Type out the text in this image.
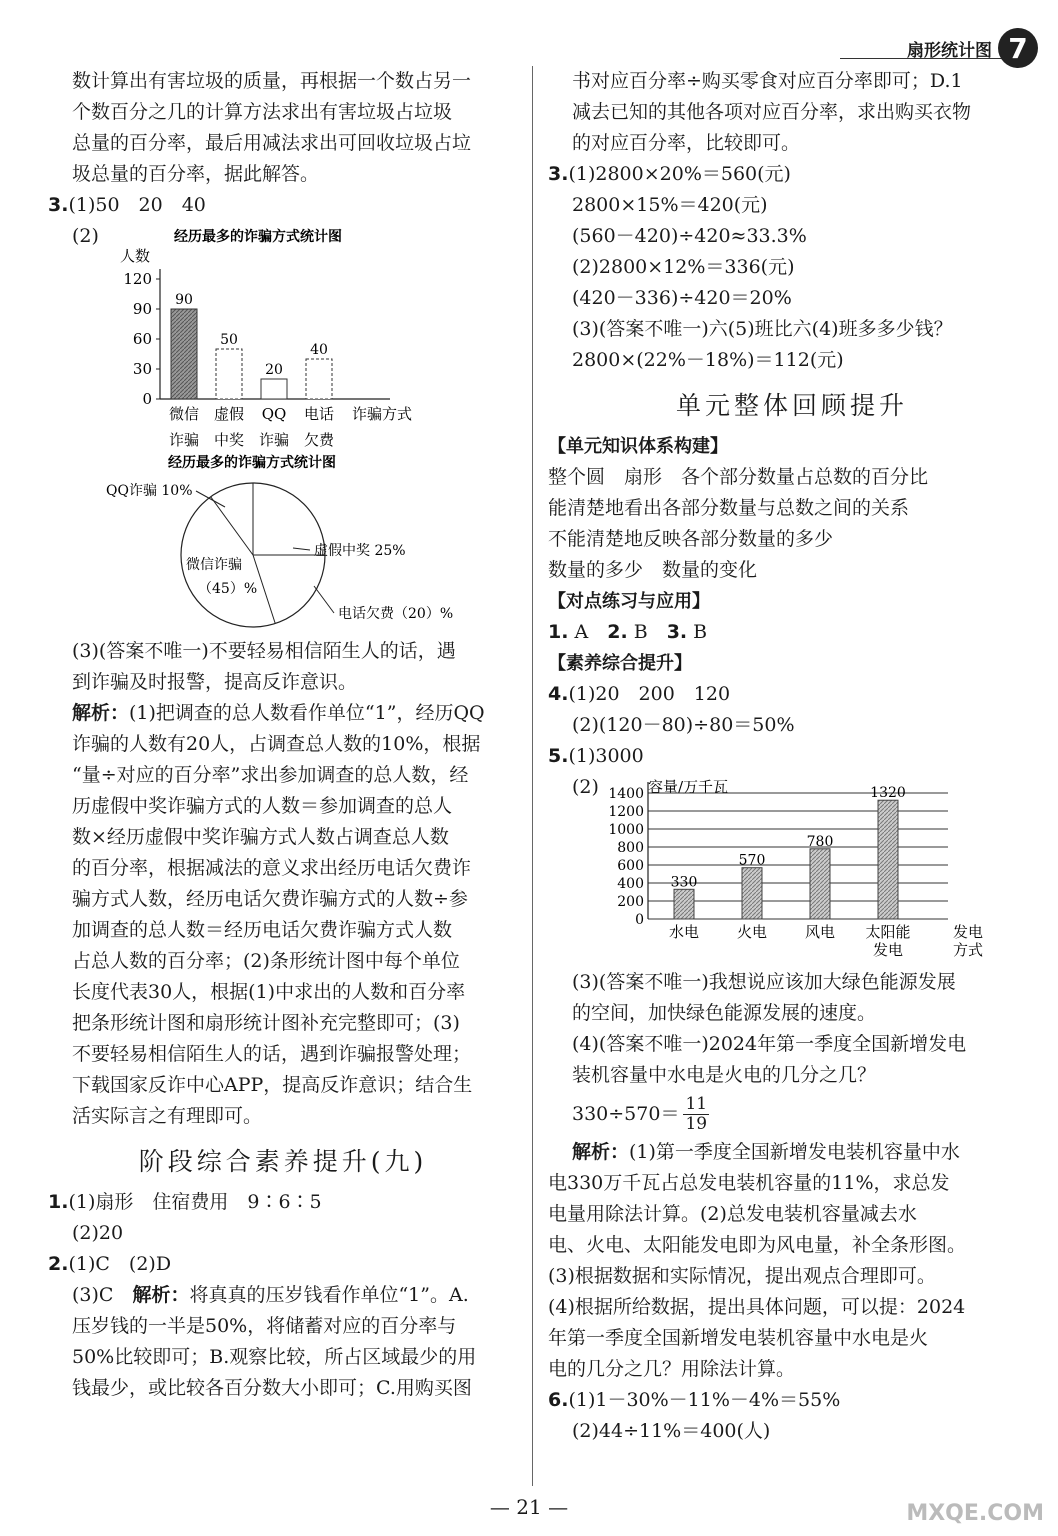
扇形统计图 7

数计算出有害垃圾的质量，再根据一个数占另一

个数百分之几的计算方法求出有害垃圾占垃圾

总量的百分率，最后用减法求出可回收垃圾占垃

圾总量的百分率，据此解答。

3.(1)50　20　40

(2)	经历最多的诈骗方式统计图
人数
0
30
60
90
120
90
微信
诈骗
50
虚假
中奖
20
QQ
诈骗
40
电话
欠费
诈骗方式
经历最多的诈骗方式统计图
QQ诈骗 10%
虚假中奖 25%
微信诈骗
（45）%
电话欠费（20）%

(3)(答案不唯一)不要轻易相信陌生人的话，遇

到诈骗及时报警，提高反诈意识。

解析：(1)把调查的总人数看作单位“1”，经历QQ

诈骗的人数有20人，占调查总人数的10%，根据

“量÷对应的百分率”求出参加调查的总人数，经

历虚假中奖诈骗方式的人数＝参加调查的总人

数×经历虚假中奖诈骗方式人数占调查总人数

的百分率，根据减法的意义求出经历电话欠费诈

骗方式人数，经历电话欠费诈骗方式的人数÷参

加调查的总人数＝经历电话欠费诈骗方式人数

占总人数的百分率；(2)条形统计图中每个单位

长度代表30人，根据(1)中求出的人数和百分率

把条形统计图和扇形统计图补充完整即可；(3)

不要轻易相信陌生人的话，遇到诈骗报警处理；

下载国家反诈中心APP，提高反诈意识；结合生

活实际言之有理即可。

阶段综合素养提升(九)

1.(1)扇形　住宿费用　9∶6∶5

(2)20

2.(1)C　(2)D

(3)C　解析：将真真的压岁钱看作单位“1”。A.

压岁钱的一半是50%，将储蓄对应的百分率与

50%比较即可；B.观察比较，所占区域最少的用

钱最少，或比较各百分数大小即可；C.用购买图

书对应百分率÷购买零食对应百分率即可；D.1

减去已知的其他各项对应百分率，求出购买衣物

的对应百分率，比较即可。

3.(1)2800×20%＝560(元)

2800×15%＝420(元)

(560－420)÷420≈33.3%

(2)2800×12%＝336(元)

(420－336)÷420＝20%

(3)(答案不唯一)六(5)班比六(4)班多多少钱？

2800×(22%－18%)＝112(元)

单元整体回顾提升

【单元知识体系构建】

整个圆　扇形　各个部分数量占总数的百分比

能清楚地看出各部分数量与总数之间的关系

不能清楚地反映各部分数量的多少

数量的多少　数量的变化

【对点练习与应用】

1. A　2. B　3. B

【素养综合提升】

4.(1)20　200　120

(2)(120－80)÷80＝50%

5.(1)3000

(2)	容量/万千瓦
0
200
400
600
800
1000
1200
1400
330
水电
570
火电
780
风电
1320
太阳能
发电
发电
方式

(3)(答案不唯一)我想说应该加大绿色能源发展

的空间，加快绿色能源发展的速度。

(4)(答案不唯一)2024年第一季度全国新增发电

装机容量中水电是火电的几分之几？

$330\div 570= \frac{11}{19}$

解析：(1)第一季度全国新增发电装机容量中水

电330万千瓦占总发电装机容量的11%，求总发

电量用除法计算。(2)总发电装机容量减去水

电、火电、太阳能发电即为风电量，补全条形图。

(3)根据数据和实际情况，提出观点合理即可。

(4)根据所给数据，提出具体问题，可以提：2024

年第一季度全国新增发电装机容量中水电是火

电的几分之几？用除法计算。

6.(1)1－30%－11%－4%＝55%

(2)44÷11%＝400(人)

— 21 —	MXQE.COM
